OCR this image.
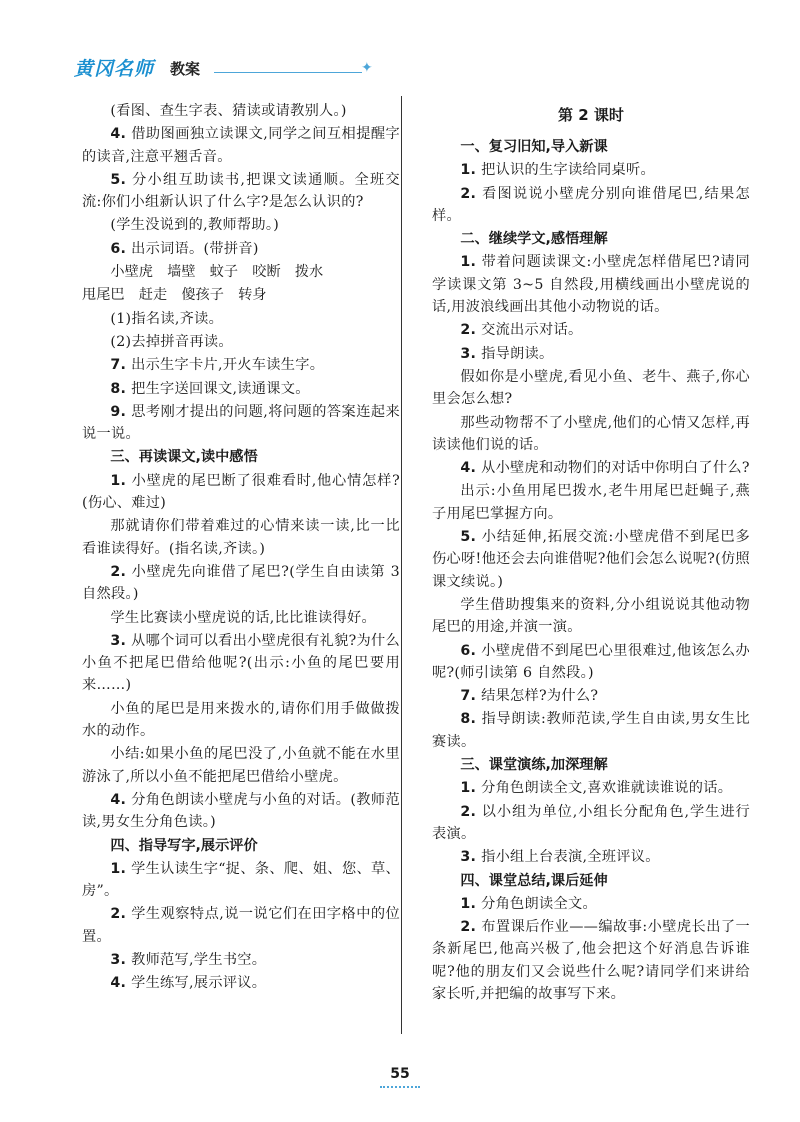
黄冈名师 教案	✦
(看图、查生字表、猜读或请教别人。)
4. 借助图画独立读课文,同学之间互相提醒字的读音,注意平翘舌音。
5. 分小组互助读书,把课文读通顺。全班交流:你们小组新认识了什么字?是怎么认识的?
(学生没说到的,教师帮助。)
6. 出示词语。(带拼音)
小壁虎　墙壁　蚊子　咬断　拨水
甩尾巴　赶走　傻孩子　转身
(1)指名读,齐读。
(2)去掉拼音再读。
7. 出示生字卡片,开火车读生字。
8. 把生字送回课文,读通课文。
9. 思考刚才提出的问题,将问题的答案连起来说一说。
三、再读课文,读中感悟
1. 小壁虎的尾巴断了很难看时,他心情怎样?(伤心、难过)
那就请你们带着难过的心情来读一读,比一比看谁读得好。(指名读,齐读。)
2. 小壁虎先向谁借了尾巴?(学生自由读第 3 自然段。)
学生比赛读小壁虎说的话,比比谁读得好。
3. 从哪个词可以看出小壁虎很有礼貌?为什么小鱼不把尾巴借给他呢?(出示:小鱼的尾巴要用来……)
小鱼的尾巴是用来拨水的,请你们用手做做拨水的动作。
小结:如果小鱼的尾巴没了,小鱼就不能在水里游泳了,所以小鱼不能把尾巴借给小壁虎。
4. 分角色朗读小壁虎与小鱼的对话。(教师范读,男女生分角色读。)
四、指导写字,展示评价
1. 学生认读生字“捉、条、爬、姐、您、草、房”。
2. 学生观察特点,说一说它们在田字格中的位置。
3. 教师范写,学生书空。
4. 学生练写,展示评议。
第 2 课时
一、复习旧知,导入新课
1. 把认识的生字读给同桌听。
2. 看图说说小壁虎分别向谁借尾巴,结果怎样。
二、继续学文,感悟理解
1. 带着问题读课文:小壁虎怎样借尾巴?请同学读课文第 3~5 自然段,用横线画出小壁虎说的话,用波浪线画出其他小动物说的话。
2. 交流出示对话。
3. 指导朗读。
假如你是小壁虎,看见小鱼、老牛、燕子,你心里会怎么想?
那些动物帮不了小壁虎,他们的心情又怎样,再读读他们说的话。
4. 从小壁虎和动物们的对话中你明白了什么?
出示:小鱼用尾巴拨水,老牛用尾巴赶蝇子,燕子用尾巴掌握方向。
5. 小结延伸,拓展交流:小壁虎借不到尾巴多伤心呀!他还会去向谁借呢?他们会怎么说呢?(仿照课文续说。)
学生借助搜集来的资料,分小组说说其他动物尾巴的用途,并演一演。
6. 小壁虎借不到尾巴心里很难过,他该怎么办呢?(师引读第 6 自然段。)
7. 结果怎样?为什么?
8. 指导朗读:教师范读,学生自由读,男女生比赛读。
三、课堂演练,加深理解
1. 分角色朗读全文,喜欢谁就读谁说的话。
2. 以小组为单位,小组长分配角色,学生进行表演。
3. 指小组上台表演,全班评议。
四、课堂总结,课后延伸
1. 分角色朗读全文。
2. 布置课后作业——编故事:小壁虎长出了一条新尾巴,他高兴极了,他会把这个好消息告诉谁呢?他的朋友们又会说些什么呢?请同学们来讲给家长听,并把编的故事写下来。
55
